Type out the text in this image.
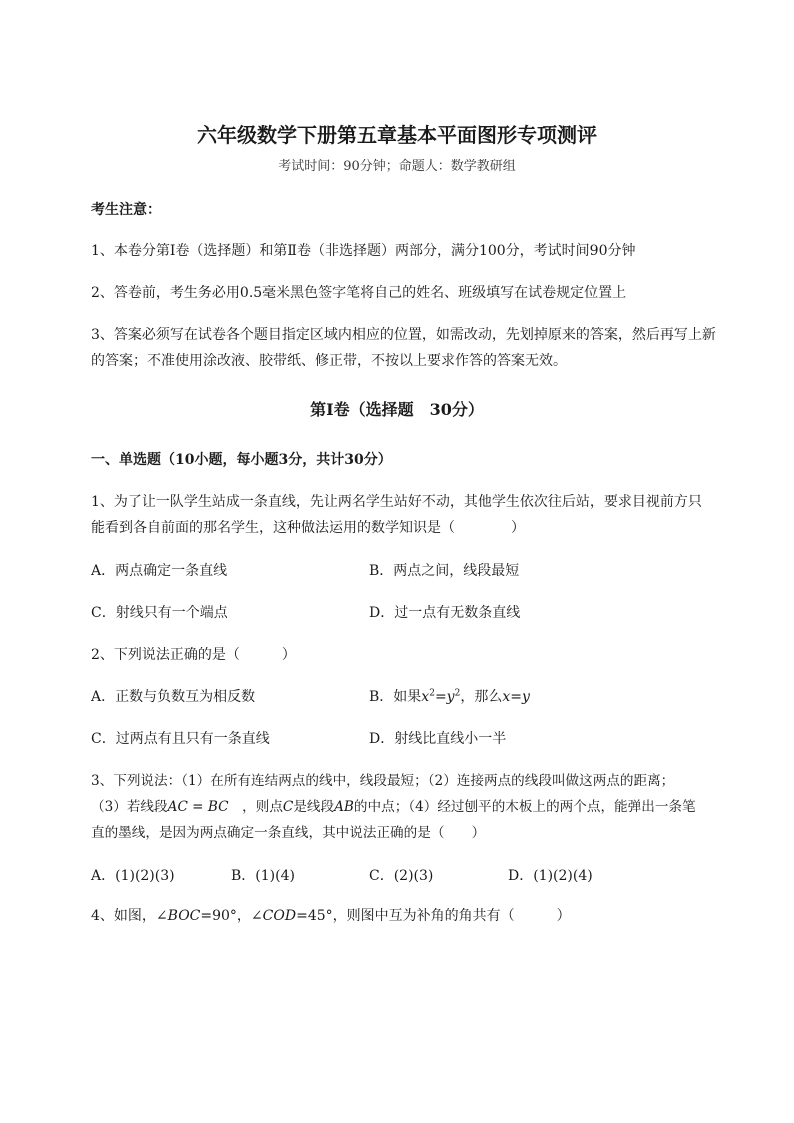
六年级数学下册第五章基本平面图形专项测评
考试时间：90分钟；命题人：数学教研组
考生注意：
1、本卷分第I卷（选择题）和第Ⅱ卷（非选择题）两部分，满分100分，考试时间90分钟
2、答卷前，考生务必用0.5毫米黑色签字笔将自己的姓名、班级填写在试卷规定位置上
3、答案必须写在试卷各个题目指定区域内相应的位置，如需改动，先划掉原来的答案，然后再写上新
的答案；不准使用涂改液、胶带纸、修正带，不按以上要求作答的答案无效。
第I卷（选择题　30分）
一、单选题（10小题，每小题3分，共计30分）
1、为了让一队学生站成一条直线，先让两名学生站好不动，其他学生依次往后站，要求目视前方只
能看到各自前面的那名学生，这种做法运用的数学知识是（　　　　）
A．两点确定一条直线	B．两点之间，线段最短
C．射线只有一个端点	D．过一点有无数条直线
2、下列说法正确的是（　　　）
A．正数与负数互为相反数	B．如果$x^2=y^2$，那么x=y
C．过两点有且只有一条直线	D．射线比直线小一半
3、下列说法：（1）在所有连结两点的线中，线段最短；（2）连接两点的线段叫做这两点的距离；
（3）若线段AC = BC　，则点C是线段AB的中点；（4）经过刨平的木板上的两个点，能弹出一条笔
直的墨线，是因为两点确定一条直线，其中说法正确的是（　　）
A．(1)(2)(3)	B．(1)(4)	C．(2)(3)	D．(1)(2)(4)
4、如图，∠BOC=90°，∠COD=45°，则图中互为补角的角共有（　　　）
